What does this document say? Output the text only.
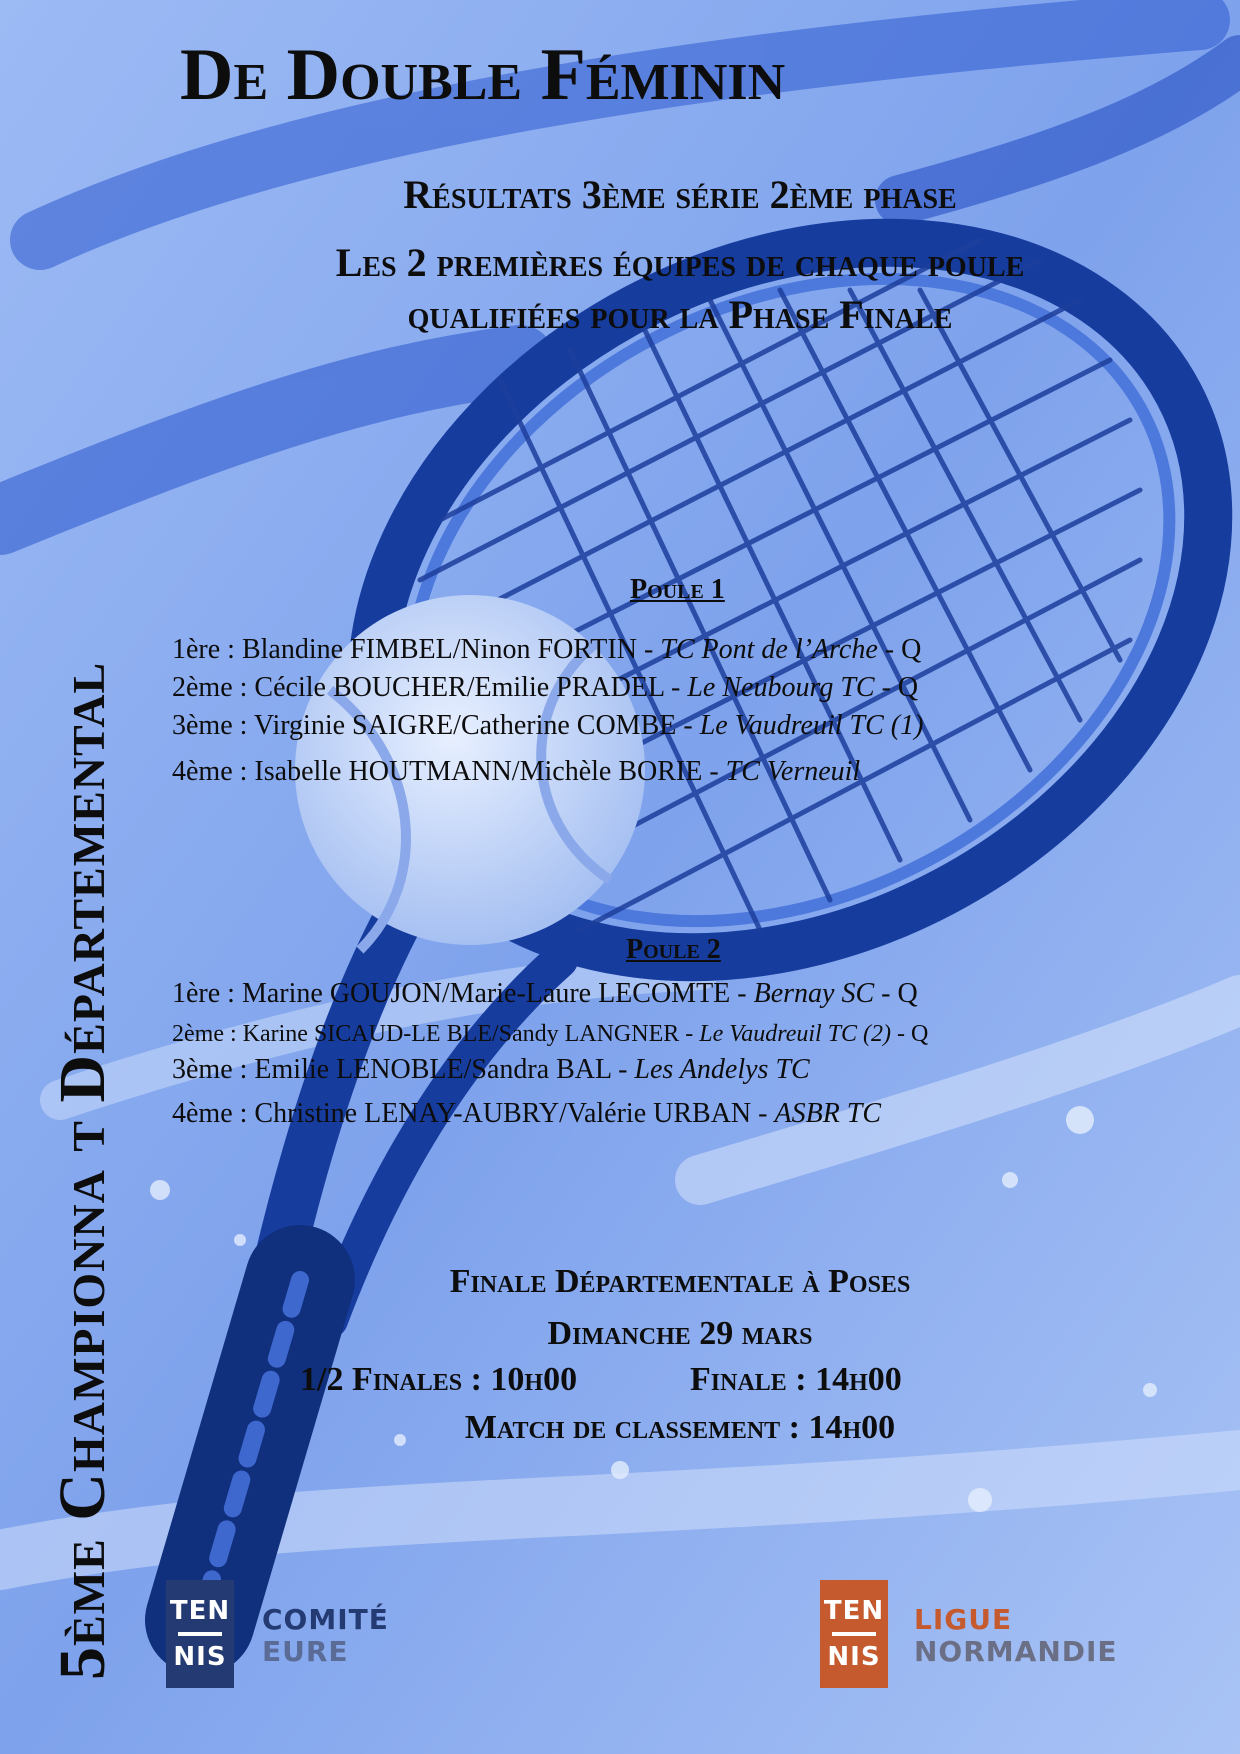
5ème Championna t Départemental
De Double Féminin
Résultats 3ème série 2ème phase
Les 2 premières équipes de chaque poule
qualifiées pour la Phase Finale
Poule 1
1ère : Blandine FIMBEL/Ninon FORTIN - TC Pont de l’Arche - Q
2ème : Cécile BOUCHER/Emilie PRADEL - Le Neubourg TC - Q
3ème : Virginie SAIGRE/Catherine COMBE - Le Vaudreuil TC (1)
4ème : Isabelle HOUTMANN/Michèle BORIE - TC Verneuil
Poule 2
1ère : Marine GOUJON/Marie-Laure LECOMTE - Bernay SC - Q
2ème : Karine SICAUD-LE BLE/Sandy LANGNER - Le Vaudreuil TC (2) - Q
3ème : Emilie LENOBLE/Sandra BAL - Les Andelys TC
4ème : Christine LENAY-AUBRY/Valérie URBAN - ASBR TC
Finale Départementale à Poses
Dimanche 29 mars
1/2 Finales : 10h00	Finale : 14h00
Match de classement : 14h00
TEN
NIS
COMITÉ
EURE
TEN
NIS
LIGUE
NORMANDIE
